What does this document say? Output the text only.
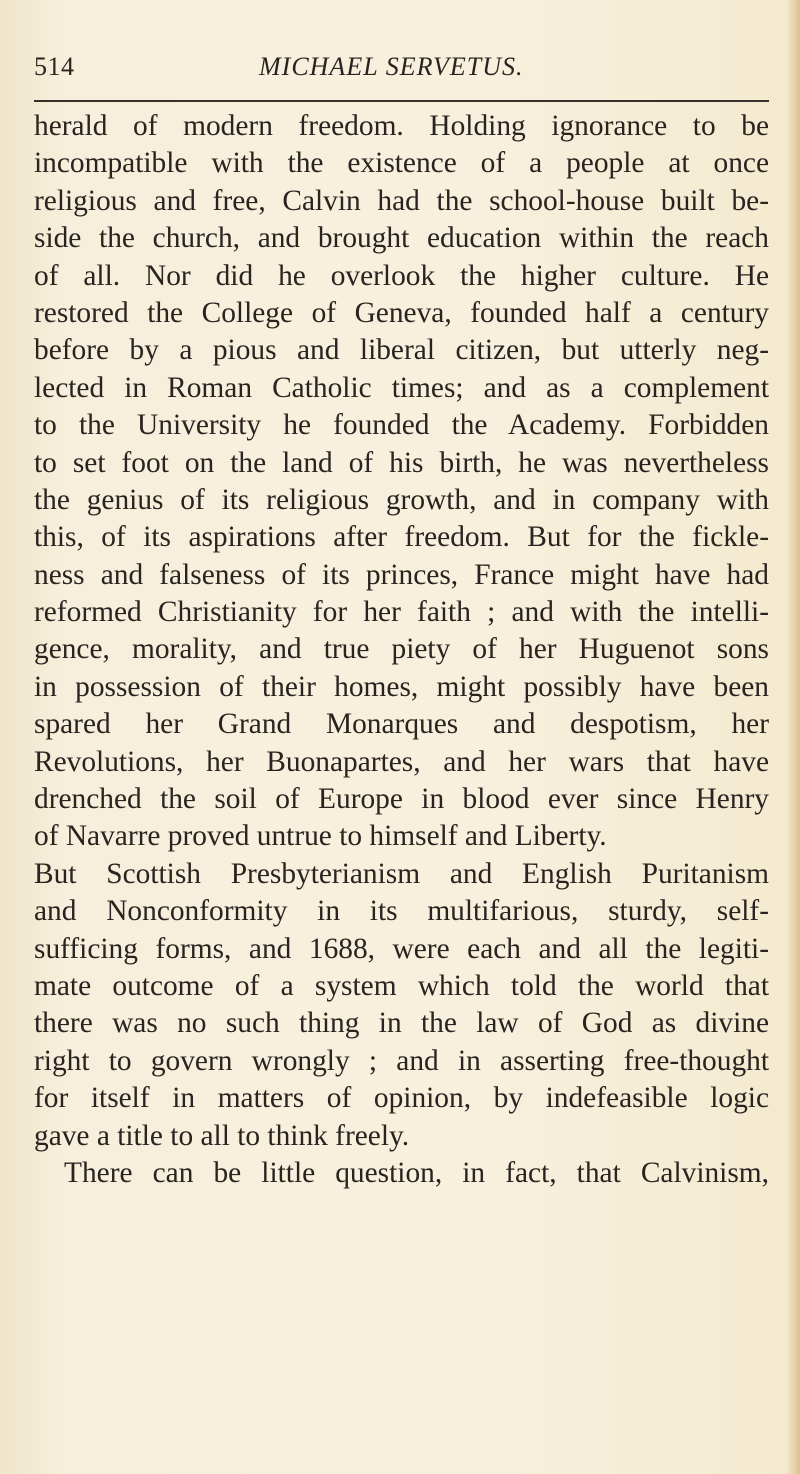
514	MICHAEL SERVETUS.
herald of modern freedom. Holding ignorance to be
incompatible with the existence of a people at once
religious and free, Calvin had the school-house built be-
side the church, and brought education within the reach
of all. Nor did he overlook the higher culture. He
restored the College of Geneva, founded half a century
before by a pious and liberal citizen, but utterly neg-
lected in Roman Catholic times; and as a complement
to the University he founded the Academy. Forbidden
to set foot on the land of his birth, he was nevertheless
the genius of its religious growth, and in company with
this, of its aspirations after freedom. But for the fickle-
ness and falseness of its princes, France might have had
reformed Christianity for her faith ; and with the intelli-
gence, morality, and true piety of her Huguenot sons
in possession of their homes, might possibly have been
spared her Grand Monarques and despotism, her
Revolutions, her Buonapartes, and her wars that have
drenched the soil of Europe in blood ever since Henry
of Navarre proved untrue to himself and Liberty.
But Scottish Presbyterianism and English Puritanism
and Nonconformity in its multifarious, sturdy, self-
sufficing forms, and 1688, were each and all the legiti-
mate outcome of a system which told the world that
there was no such thing in the law of God as divine
right to govern wrongly ; and in asserting free-thought
for itself in matters of opinion, by indefeasible logic
gave a title to all to think freely.
There can be little question, in fact, that Calvinism,
